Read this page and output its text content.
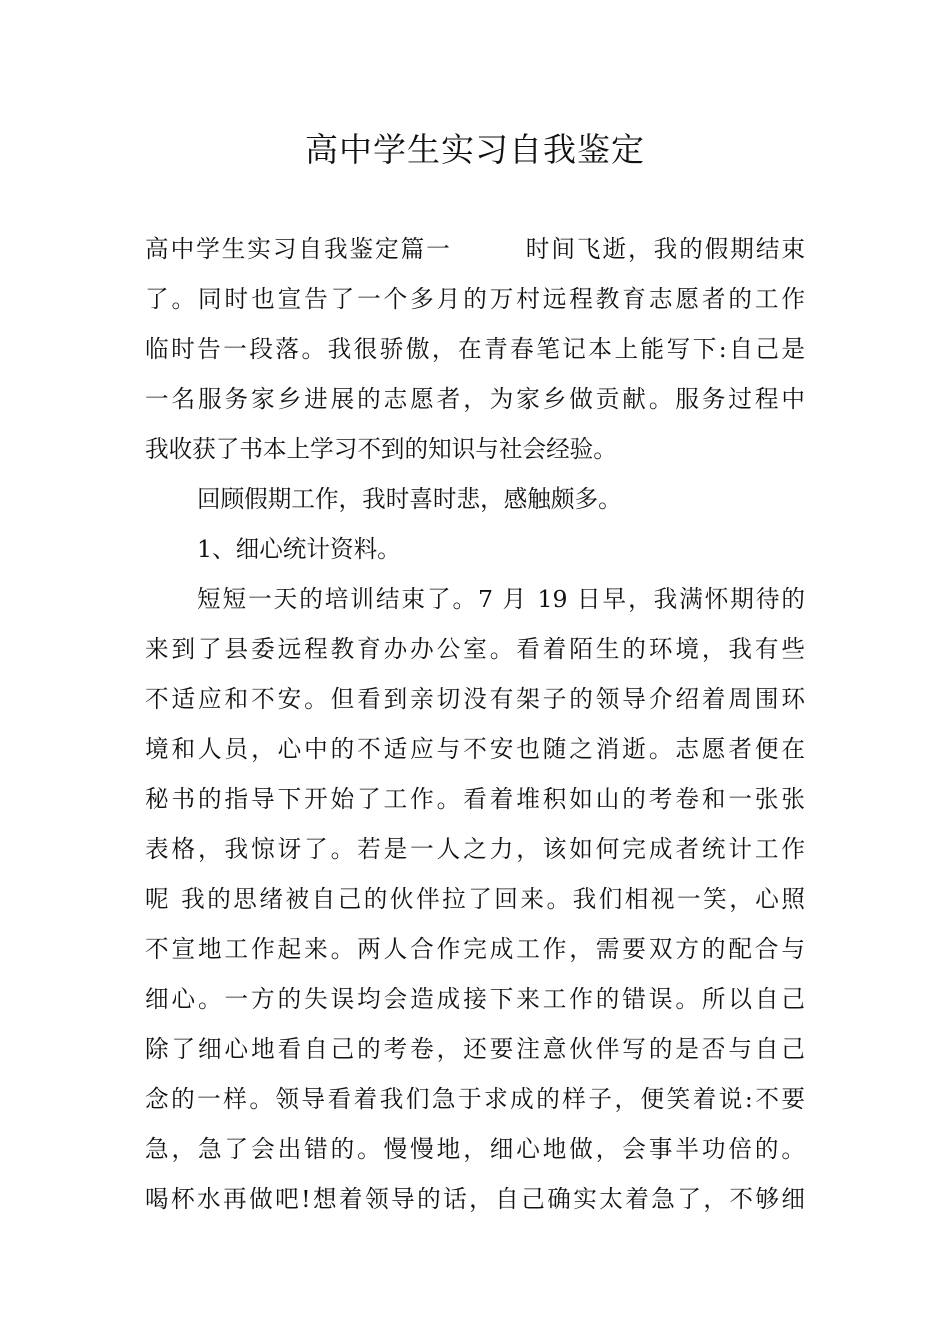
高中学生实习自我鉴定
高中学生实习自我鉴定篇一	时间飞逝，我的假期结束
了。同时也宣告了一个多月的万村远程教育志愿者的工作
临时告一段落。我很骄傲，在青春笔记本上能写下:自己是
一名服务家乡进展的志愿者，为家乡做贡献。服务过程中
我收获了书本上学习不到的知识与社会经验。
回顾假期工作，我时喜时悲，感触颇多。
1、细心统计资料。
短短一天的培训结束了。7 月 19 日早，我满怀期待的
来到了县委远程教育办办公室。看着陌生的环境，我有些
不适应和不安。但看到亲切没有架子的领导介绍着周围环
境和人员，心中的不适应与不安也随之消逝。志愿者便在
秘书的指导下开始了工作。看着堆积如山的考卷和一张张
表格，我惊讶了。若是一人之力，该如何完成者统计工作
呢 我的思绪被自己的伙伴拉了回来。我们相视一笑，心照
不宣地工作起来。两人合作完成工作，需要双方的配合与
细心。一方的失误均会造成接下来工作的错误。所以自己
除了细心地看自己的考卷，还要注意伙伴写的是否与自己
念的一样。领导看着我们急于求成的样子，便笑着说:不要
急，急了会出错的。慢慢地，细心地做，会事半功倍的。
喝杯水再做吧!想着领导的话，自己确实太着急了，不够细
